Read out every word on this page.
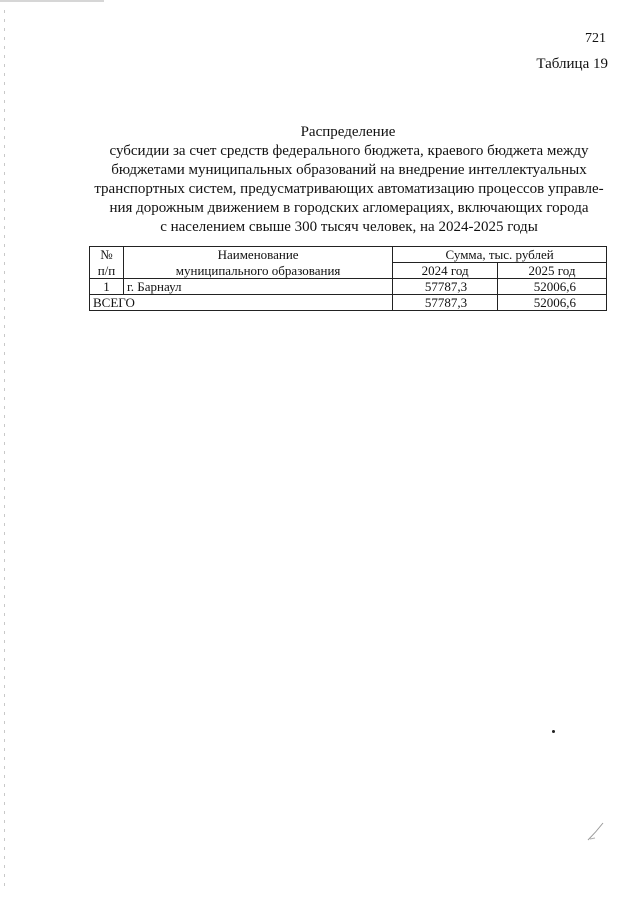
721
Таблица 19
Распределение
субсидии за счет средств федерального бюджета, краевого бюджета между
бюджетами муниципальных образований на внедрение интеллектуальных
транспортных систем, предусматривающих автоматизацию процессов управле-
ния дорожным движением в городских агломерациях, включающих города
с населением свыше 300 тысяч человек, на 2024-2025 годы
№	Наименование	Сумма, тыс. рублей	
п/п	муниципального образования	2024 год	2025 год
1	г. Барнаул	57787,3	52006,6
ВСЕГО		57787,3	52006,6
